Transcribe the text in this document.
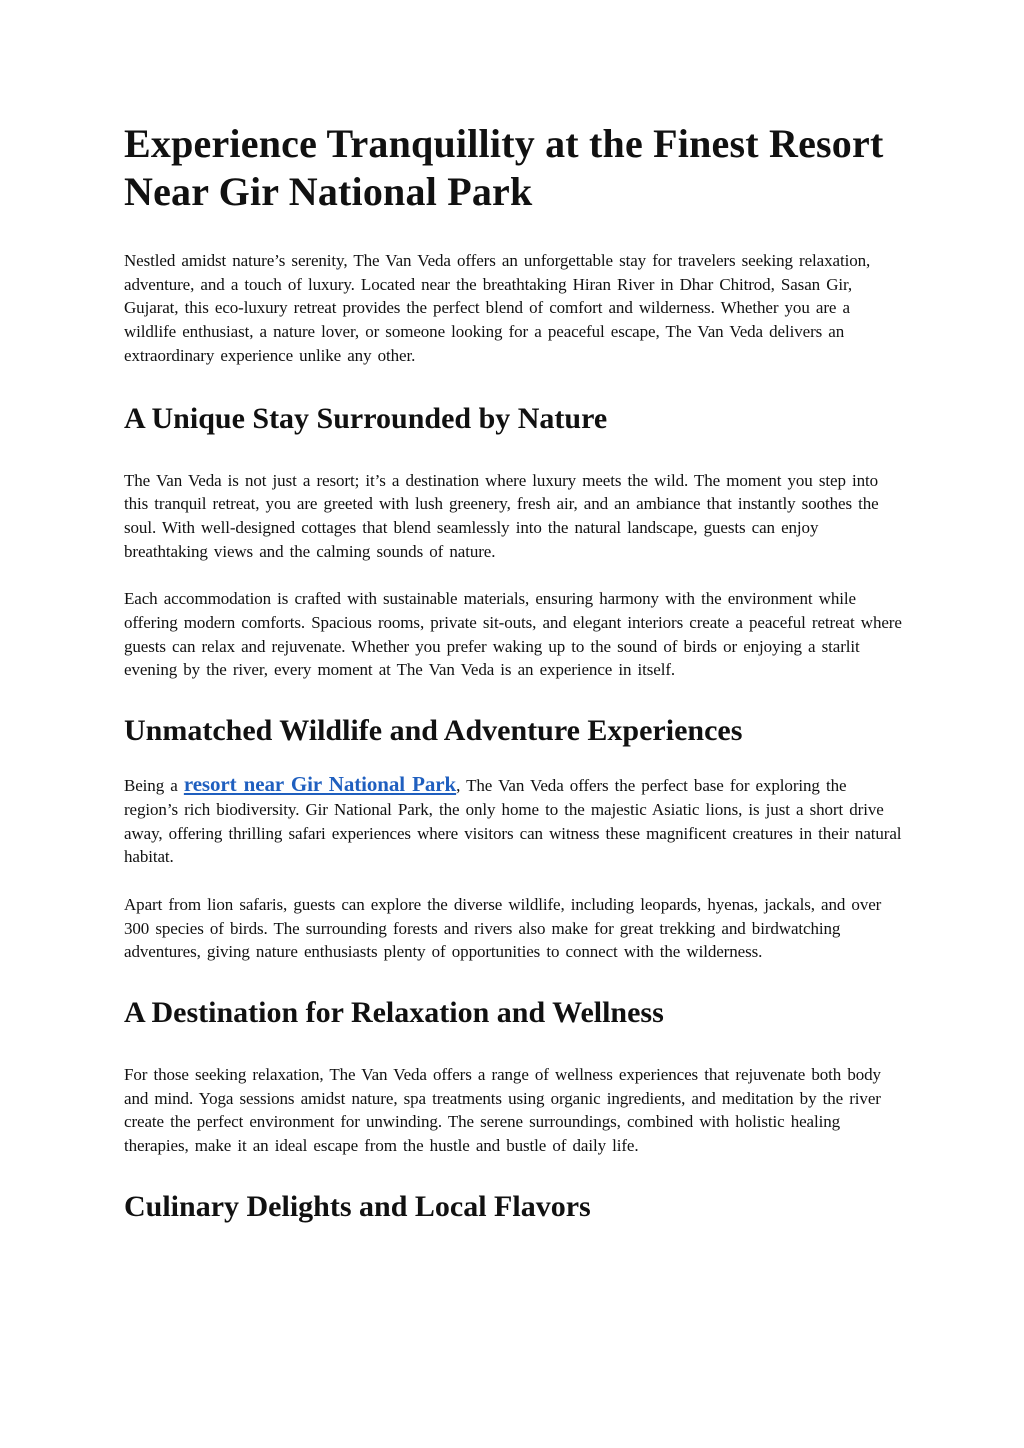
Experience Tranquillity at the Finest Resort Near Gir National Park

Nestled amidst nature’s serenity, The Van Veda offers an unforgettable stay for travelers seeking relaxation, adventure, and a touch of luxury. Located near the breathtaking Hiran River in Dhar Chitrod, Sasan Gir, Gujarat, this eco-luxury retreat provides the perfect blend of comfort and wilderness. Whether you are a wildlife enthusiast, a nature lover, or someone looking for a peaceful escape, The Van Veda delivers an extraordinary experience unlike any other.

A Unique Stay Surrounded by Nature

The Van Veda is not just a resort; it’s a destination where luxury meets the wild. The moment you step into this tranquil retreat, you are greeted with lush greenery, fresh air, and an ambiance that instantly soothes the soul. With well-designed cottages that blend seamlessly into the natural landscape, guests can enjoy breathtaking views and the calming sounds of nature.

Each accommodation is crafted with sustainable materials, ensuring harmony with the environment while offering modern comforts. Spacious rooms, private sit-outs, and elegant interiors create a peaceful retreat where guests can relax and rejuvenate. Whether you prefer waking up to the sound of birds or enjoying a starlit evening by the river, every moment at The Van Veda is an experience in itself.

Unmatched Wildlife and Adventure Experiences

Being a resort near Gir National Park, The Van Veda offers the perfect base for exploring the region’s rich biodiversity. Gir National Park, the only home to the majestic Asiatic lions, is just a short drive away, offering thrilling safari experiences where visitors can witness these magnificent creatures in their natural habitat.

Apart from lion safaris, guests can explore the diverse wildlife, including leopards, hyenas, jackals, and over 300 species of birds. The surrounding forests and rivers also make for great trekking and birdwatching adventures, giving nature enthusiasts plenty of opportunities to connect with the wilderness.

A Destination for Relaxation and Wellness

For those seeking relaxation, The Van Veda offers a range of wellness experiences that rejuvenate both body and mind. Yoga sessions amidst nature, spa treatments using organic ingredients, and meditation by the river create the perfect environment for unwinding. The serene surroundings, combined with holistic healing therapies, make it an ideal escape from the hustle and bustle of daily life.

Culinary Delights and Local Flavors
